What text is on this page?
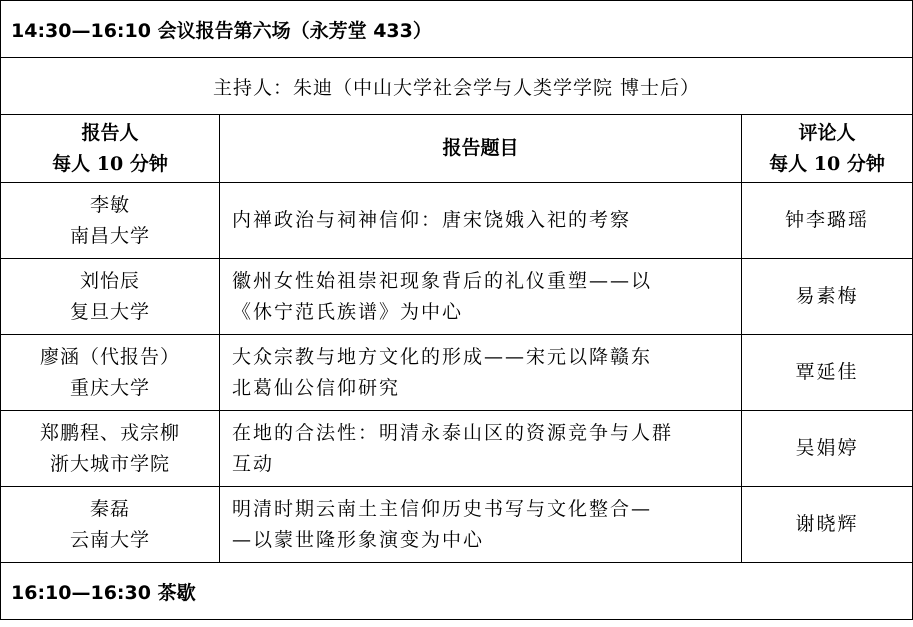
14:30—16:10 会议报告第六场（永芳堂 433）		
主持人：朱迪（中山大学社会学与人类学学院 博士后）		

报告人
每人 10 分钟	报告题目	评论人
每人 10 分钟

李敏
南昌大学	内禅政治与祠神信仰：唐宋饶娥入祀的考察	钟李璐瑶

刘怡辰
复旦大学	徽州女性始祖崇祀现象背后的礼仪重塑——以
《休宁范氏族谱》为中心	易素梅

廖涵（代报告）
重庆大学	大众宗教与地方文化的形成——宋元以降赣东
北葛仙公信仰研究	覃延佳

郑鹏程、戎宗柳
浙大城市学院	在地的合法性：明清永泰山区的资源竞争与人群
互动	吴娟婷

秦磊
云南大学	明清时期云南土主信仰历史书写与文化整合—
—以蒙世隆形象演变为中心	谢晓辉
16:10—16:30 茶歇		
